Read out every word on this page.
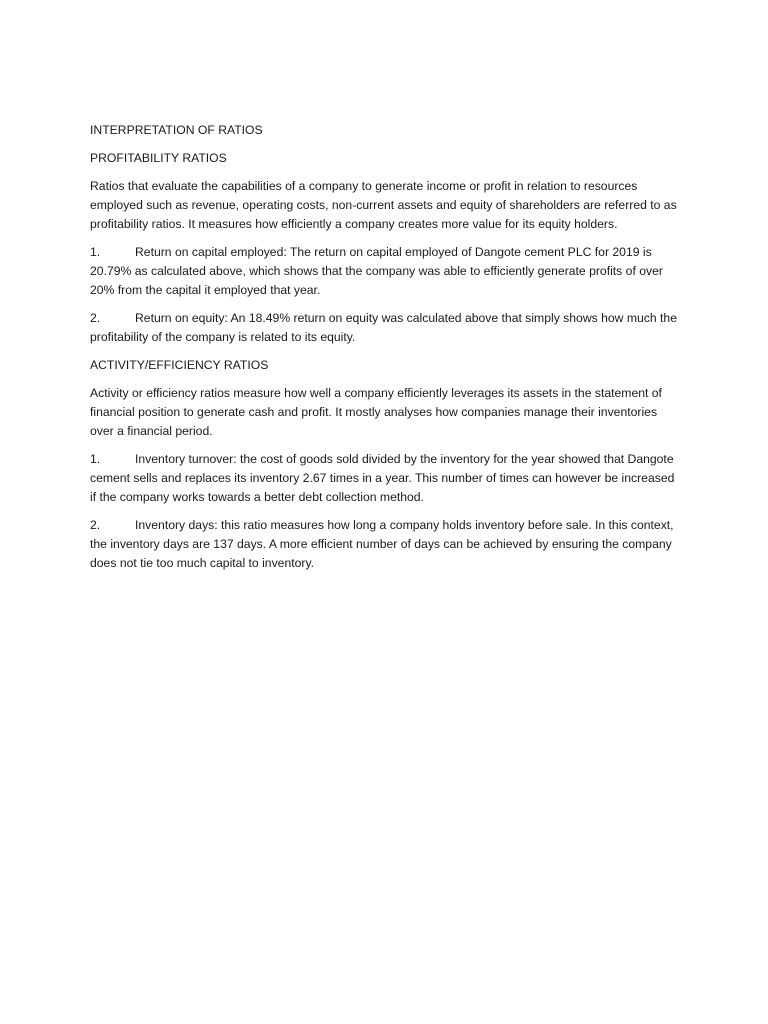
INTERPRETATION OF RATIOS
PROFITABILITY RATIOS
Ratios that evaluate the capabilities of a company to generate income or profit in relation to resources employed such as revenue, operating costs, non-current assets and equity of shareholders are referred to as profitability ratios. It measures how efficiently a company creates more value for its equity holders.
1.	Return on capital employed: The return on capital employed of Dangote cement PLC for 2019 is 20.79% as calculated above, which shows that the company was able to efficiently generate profits of over 20% from the capital it employed that year.
2.	Return on equity: An 18.49% return on equity was calculated above that simply shows how much the profitability of the company is related to its equity.
ACTIVITY/EFFICIENCY RATIOS
Activity or efficiency ratios measure how well a company efficiently leverages its assets in the statement of financial position to generate cash and profit. It mostly analyses how companies manage their inventories over a financial period.
1.	Inventory turnover: the cost of goods sold divided by the inventory for the year showed that Dangote cement sells and replaces its inventory 2.67 times in a year. This number of times can however be increased if the company works towards a better debt collection method.
2.	Inventory days: this ratio measures how long a company holds inventory before sale. In this context, the inventory days are 137 days. A more efficient number of days can be achieved by ensuring the company does not tie too much capital to inventory.
